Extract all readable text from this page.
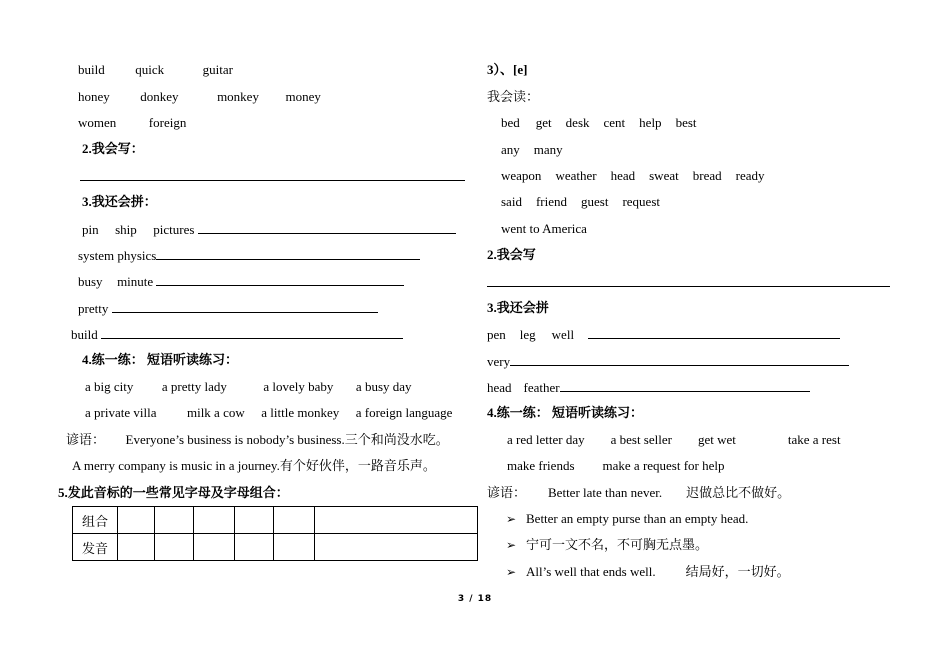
build quick	guitar
honey donkey	monkey money
women	foreign
2.我会写：
3.我还会拼：
pin ship pictures
system physics
busy minute
pretty
build
4.练一练： 短语听读练习：
a big city a pretty lady	a lovely baby a busy day
a private villa milk a cow a little monkey a foreign language
谚语： Everyone’s business is nobody’s business.三个和尚没水吃。
A merry company is music in a journey.有个好伙伴，一路音乐声。
5.发此音标的一些常见字母及字母组合：
组合						
发音						
3）、[e]
我会读：
bed get desk cent help best
any many
weapon weather head sweat bread ready
said friend guest request
went to America
2.我会写
3.我还会拼
pen leg well
very
head feather
4.练一练： 短语听读练习：
a red letter day a best seller get wet	take a rest
make friends make a request for help
谚语： Better late than never. 迟做总比不做好。
➢ Better an empty purse than an empty head.
➢ 宁可一文不名，不可胸无点墨。
➢ All’s well that ends well. 结局好，一切好。
3 / 18
